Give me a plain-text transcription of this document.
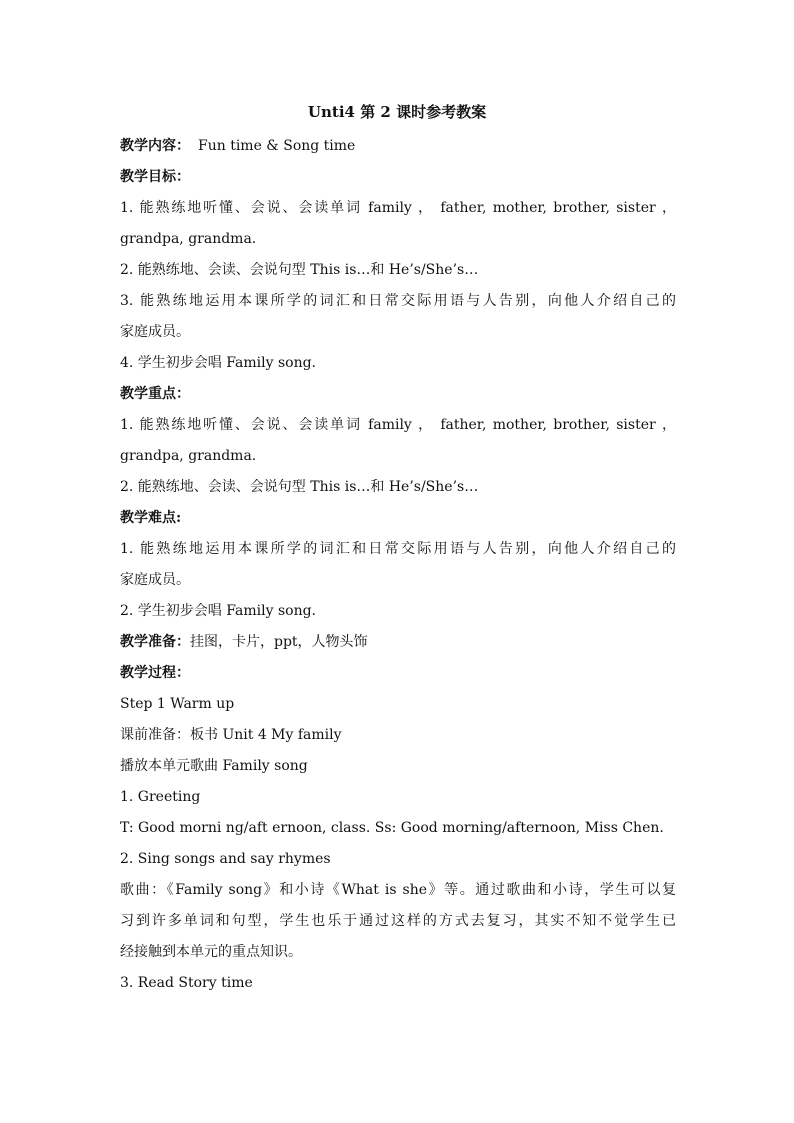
Unti4 第 2 课时参考教案
教学内容： Fun time & Song time
教学目标：
1. 能熟练地听懂、会说、会读单词 family ， father, mother, brother, sister ，
grandpa, grandma.
2. 能熟练地、会读、会说句型 This is…和 He’s/She’s…
3. 能熟练地运用本课所学的词汇和日常交际用语与人告别，向他人介绍自己的
家庭成员。
4. 学生初步会唱 Family song.
教学重点：
1. 能熟练地听懂、会说、会读单词 family ， father, mother, brother, sister ，
grandpa, grandma.
2. 能熟练地、会读、会说句型 This is…和 He’s/She’s…
教学难点:
1. 能熟练地运用本课所学的词汇和日常交际用语与人告别，向他人介绍自己的
家庭成员。
2. 学生初步会唱 Family song.
教学准备：挂图，卡片，ppt，人物头饰
教学过程：
Step 1 Warm up
课前准备：板书 Unit 4 My family
播放本单元歌曲 Family song
1. Greeting
T: Good morni ng/aft ernoon, class. Ss: Good morning/afternoon, Miss Chen.
2. Sing songs and say rhymes
歌曲：《Family song》和小诗《What is she》等。通过歌曲和小诗，学生可以复
习到许多单词和句型，学生也乐于通过这样的方式去复习，其实不知不觉学生已
经接触到本单元的重点知识。
3. Read Story time
